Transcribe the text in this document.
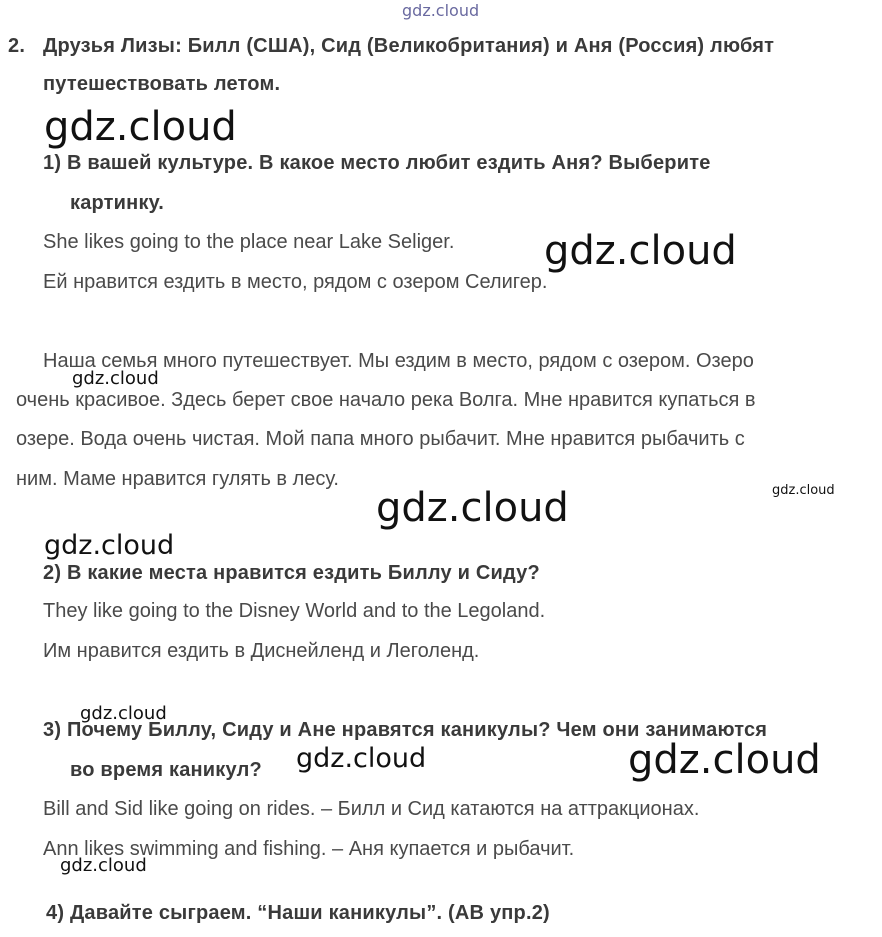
gdz.cloud
gdz.cloud
gdz.cloud
gdz.cloud
gdz.cloud
gdz.cloud
gdz.cloud
gdz.cloud
gdz.cloud	gdz.cloud
gdz.cloud
2. Друзья Лизы: Билл (США), Сид (Великобритания) и Аня (Россия) любят
путешествовать летом.
1) В вашей культуре. В какое место любит ездить Аня? Выберите
картинку.
She likes going to the place near Lake Seliger.
Ей нравится ездить в место, рядом с озером Селигер.
Наша семья много путешествует. Мы ездим в место, рядом с озером. Озеро
очень красивое. Здесь берет свое начало река Волга. Мне нравится купаться в
озере. Вода очень чистая. Мой папа много рыбачит. Мне нравится рыбачить с
ним. Маме нравится гулять в лесу.
2) В какие места нравится ездить Биллу и Сиду?
They like going to the Disney World and to the Legoland.
Им нравится ездить в Диснейленд и Леголенд.
3) Почему Биллу, Сиду и Ане нравятся каникулы? Чем они занимаются
во время каникул?
Bill and Sid like going on rides. – Билл и Сид катаются на аттракционах.
Ann likes swimming and fishing. – Аня купается и рыбачит.
4) Давайте сыграем. “Наши каникулы”. (АВ упр.2)
